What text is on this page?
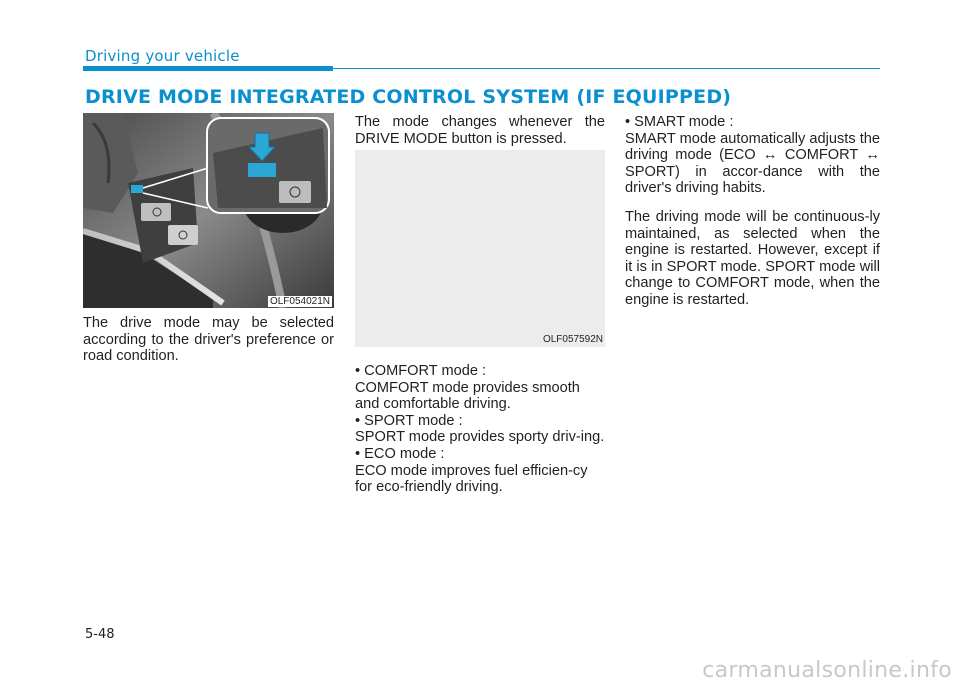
Driving your vehicle
DRIVE MODE INTEGRATED CONTROL SYSTEM (IF EQUIPPED)
OLF054021N
OLF057592N

The drive mode may be selected according to the driver's preference or road condition.

The mode changes whenever the DRIVE MODE button is pressed.

• COMFORT mode :

COMFORT mode provides smooth and comfortable driving.

• SPORT mode :

SPORT mode provides sporty driv-ing.

• ECO mode :

ECO mode improves fuel efficien-cy for eco-friendly driving.

• SMART mode :

SMART mode automatically adjusts the driving mode (ECO ↔ COMFORT ↔ SPORT) in accor-dance with the driver's driving habits.

The driving mode will be continuous-ly maintained, as selected when the engine is restarted. However, except if it is in SPORT mode. SPORT mode will change to COMFORT mode, when the engine is restarted.

5-48
carmanualsonline.info
